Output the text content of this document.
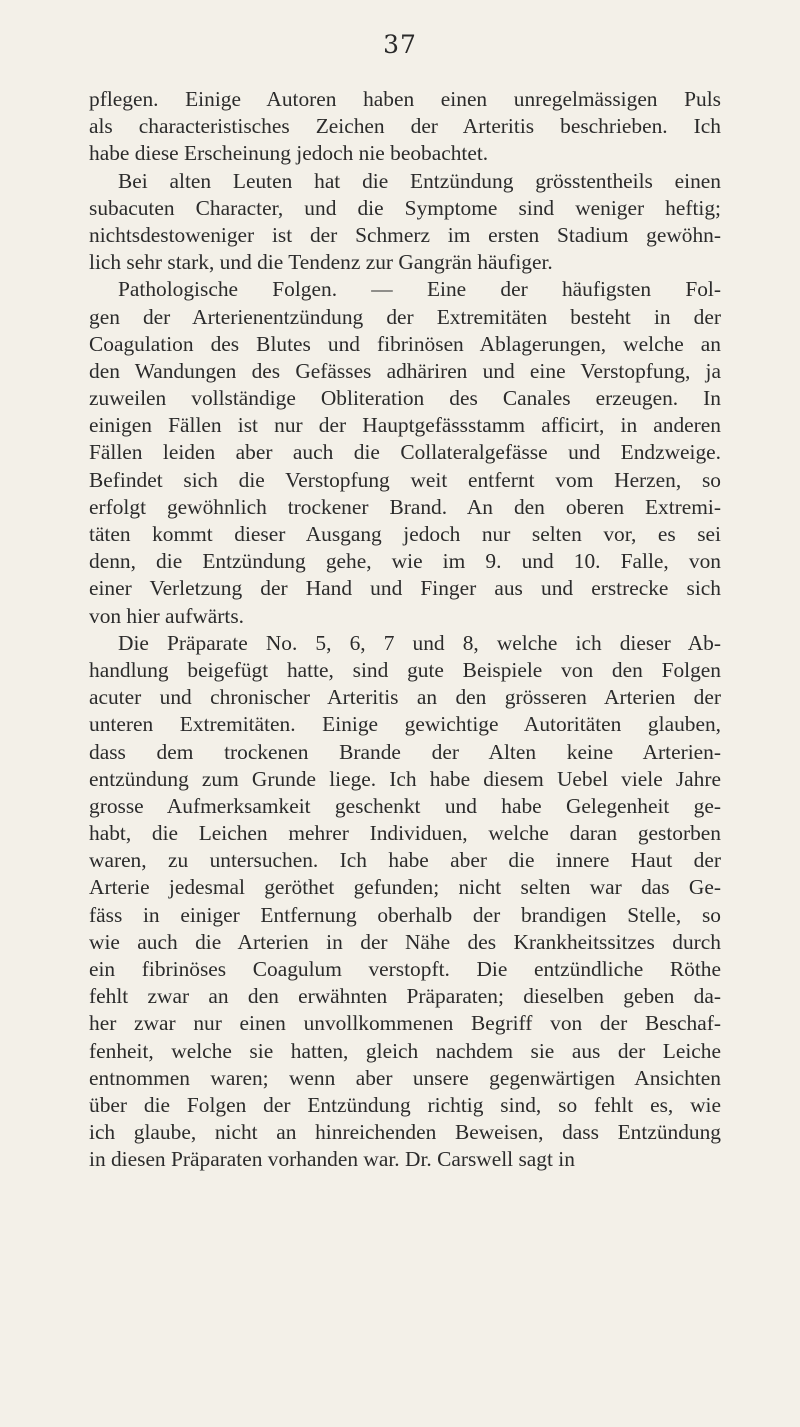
37
pflegen. Einige Autoren haben einen unregelmässigen Puls
als characteristisches Zeichen der Arteritis beschrieben. Ich
habe diese Erscheinung jedoch nie beobachtet.
Bei alten Leuten hat die Entzündung grösstentheils einen
subacuten Character, und die Symptome sind weniger heftig;
nichtsdestoweniger ist der Schmerz im ersten Stadium gewöhn-
lich sehr stark, und die Tendenz zur Gangrän häufiger.
Pathologische Folgen. — Eine der häufigsten Fol-
gen der Arterienentzündung der Extremitäten besteht in der
Coagulation des Blutes und fibrinösen Ablagerungen, welche an
den Wandungen des Gefässes adhäriren und eine Verstopfung, ja
zuweilen vollständige Obliteration des Canales erzeugen. In
einigen Fällen ist nur der Hauptgefässstamm afficirt, in anderen
Fällen leiden aber auch die Collateralgefässe und Endzweige.
Befindet sich die Verstopfung weit entfernt vom Herzen, so
erfolgt gewöhnlich trockener Brand. An den oberen Extremi-
täten kommt dieser Ausgang jedoch nur selten vor, es sei
denn, die Entzündung gehe, wie im 9. und 10. Falle, von
einer Verletzung der Hand und Finger aus und erstrecke sich
von hier aufwärts.
Die Präparate No. 5, 6, 7 und 8, welche ich dieser Ab-
handlung beigefügt hatte, sind gute Beispiele von den Folgen
acuter und chronischer Arteritis an den grösseren Arterien der
unteren Extremitäten. Einige gewichtige Autoritäten glauben,
dass dem trockenen Brande der Alten keine Arterien-
entzündung zum Grunde liege. Ich habe diesem Uebel viele Jahre
grosse Aufmerksamkeit geschenkt und habe Gelegenheit ge-
habt, die Leichen mehrer Individuen, welche daran gestorben
waren, zu untersuchen. Ich habe aber die innere Haut der
Arterie jedesmal geröthet gefunden; nicht selten war das Ge-
fäss in einiger Entfernung oberhalb der brandigen Stelle, so
wie auch die Arterien in der Nähe des Krankheitssitzes durch
ein fibrinöses Coagulum verstopft. Die entzündliche Röthe
fehlt zwar an den erwähnten Präparaten; dieselben geben da-
her zwar nur einen unvollkommenen Begriff von der Beschaf-
fenheit, welche sie hatten, gleich nachdem sie aus der Leiche
entnommen waren; wenn aber unsere gegenwärtigen Ansichten
über die Folgen der Entzündung richtig sind, so fehlt es, wie
ich glaube, nicht an hinreichenden Beweisen, dass Entzündung
in diesen Präparaten vorhanden war. Dr. Carswell sagt in
